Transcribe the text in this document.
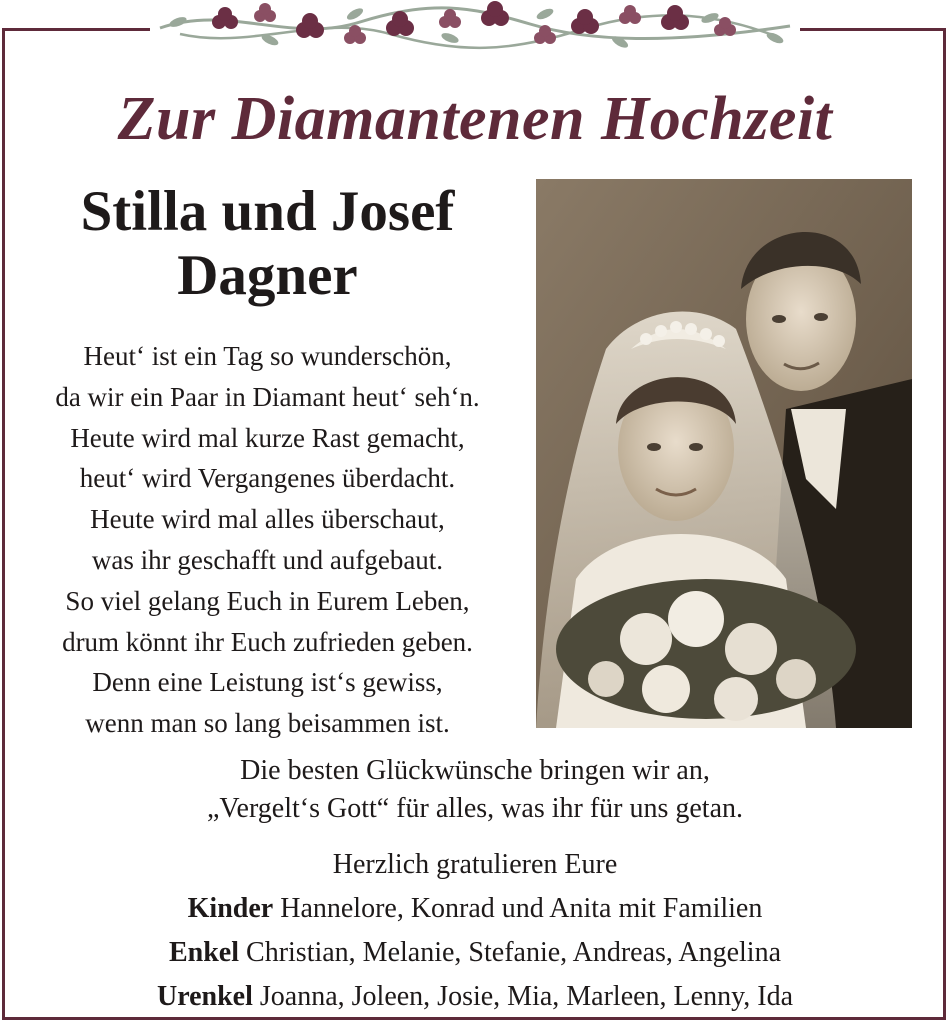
Zur Diamantenen Hochzeit
Stilla und Josef
Dagner
Heut‘ ist ein Tag so wunderschön,
da wir ein Paar in Diamant heut‘ seh‘n.
Heute wird mal kurze Rast gemacht,
heut‘ wird Vergangenes überdacht.
Heute wird mal alles überschaut,
was ihr geschafft und aufgebaut.
So viel gelang Euch in Eurem Leben,
drum könnt ihr Euch zufrieden geben.
Denn eine Leistung ist‘s gewiss,
wenn man so lang beisammen ist.
Die besten Glückwünsche bringen wir an,
„Vergelt‘s Gott“ für alles, was ihr für uns getan.
Herzlich gratulieren Eure
Kinder Hannelore, Konrad und Anita mit Familien
Enkel Christian, Melanie, Stefanie, Andreas, Angelina
Urenkel Joanna, Joleen, Josie, Mia, Marleen, Lenny, Ida
